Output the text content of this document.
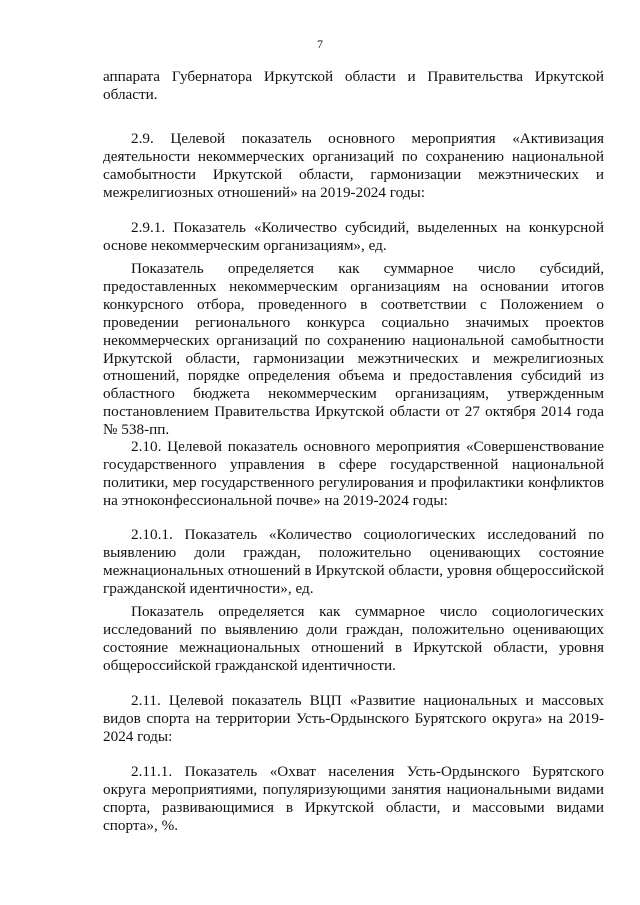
7

аппарата Губернатора Иркутской области и Правительства Иркутской области.

2.9. Целевой показатель основного мероприятия «Активизация деятельности некоммерческих организаций по сохранению национальной самобытности Иркутской области, гармонизации межэтнических и межрелигиозных отношений» на 2019-2024 годы:

2.9.1. Показатель «Количество субсидий, выделенных на конкурсной основе некоммерческим организациям», ед.

Показатель определяется как суммарное число субсидий, предоставленных некоммерческим организациям на основании итогов конкурсного отбора, проведенного в соответствии с Положением о проведении регионального конкурса социально значимых проектов некоммерческих организаций по сохранению национальной самобытности Иркутской области, гармонизации межэтнических и межрелигиозных отношений, порядке определения объема и предоставления субсидий из областного бюджета некоммерческим организациям, утвержденным постановлением Правительства Иркутской области от 27 октября 2014 года № 538-пп.

2.10. Целевой показатель основного мероприятия «Совершенствование государственного управления в сфере государственной национальной политики, мер государственного регулирования и профилактики конфликтов на этноконфессиональной почве» на 2019-2024 годы:

2.10.1. Показатель «Количество социологических исследований по выявлению доли граждан, положительно оценивающих состояние межнациональных отношений в Иркутской области, уровня общероссийской гражданской идентичности», ед.

Показатель определяется как суммарное число социологических исследований по выявлению доли граждан, положительно оценивающих состояние межнациональных отношений в Иркутской области, уровня общероссийской гражданской идентичности.

2.11. Целевой показатель ВЦП «Развитие национальных и массовых видов спорта на территории Усть-Ордынского Бурятского округа» на 2019-2024 годы:

2.11.1. Показатель «Охват населения Усть-Ордынского Бурятского округа мероприятиями, популяризующими занятия национальными видами спорта, развивающимися в Иркутской области, и массовыми видами спорта», %.
